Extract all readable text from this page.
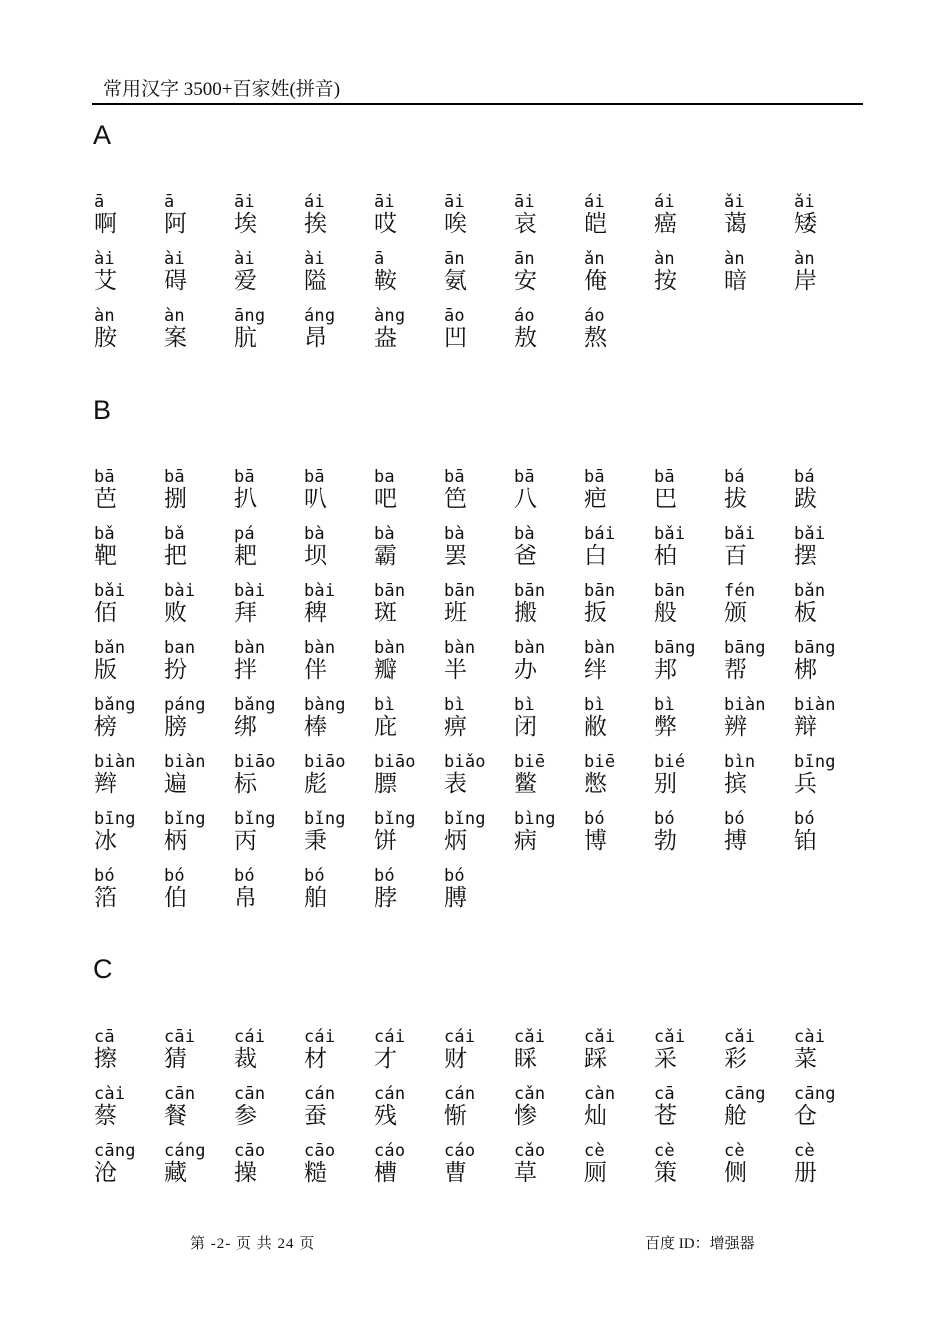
常用汉字 3500+百家姓(拼音)
A
ā
啊
ā
阿
āi
埃
ái
挨
āi
哎
āi
唉
āi
哀
ái
皑
ái
癌
ǎi
蔼
ǎi
矮
ài
艾
ài
碍
ài
爱
ài
隘
ā
鞍
ān
氨
ān
安
ǎn
俺
àn
按
àn
暗
àn
岸
àn
胺
àn
案
āng
肮
áng
昂
àng
盎
āo
凹
áo
敖
áo
熬
B
bā
芭
bā
捌
bā
扒
bā
叭
ba
吧
bā
笆
bā
八
bā
疤
bā
巴
bá
拔
bá
跋
bǎ
靶
bǎ
把
pá
耙
bà
坝
bà
霸
bà
罢
bà
爸
bái
白
bǎi
柏
bǎi
百
bǎi
摆
bǎi
佰
bài
败
bài
拜
bài
稗
bān
斑
bān
班
bān
搬
bān
扳
bān
般
fén
颁
bǎn
板
bǎn
版
ban
扮
bàn
拌
bàn
伴
bàn
瓣
bàn
半
bàn
办
bàn
绊
bāng
邦
bāng
帮
bāng
梆
bǎng
榜
páng
膀
bǎng
绑
bàng
棒
bì
庇
bì
痹
bì
闭
bì
敝
bì
弊
biàn
辨
biàn
辩
biàn
辫
biàn
遍
biāo
标
biāo
彪
biāo
膘
biǎo
表
biē
鳖
biē
憋
bié
别
bìn
摈
bīng
兵
bīng
冰
bǐng
柄
bǐng
丙
bǐng
秉
bǐng
饼
bǐng
炳
bìng
病
bó
博
bó
勃
bó
搏
bó
铂
bó
箔
bó
伯
bó
帛
bó
舶
bó
脖
bó
膊
C
cā
擦
cāi
猜
cái
裁
cái
材
cái
才
cái
财
cǎi
睬
cǎi
踩
cǎi
采
cǎi
彩
cài
菜
cài
蔡
cān
餐
cān
参
cán
蚕
cán
残
cán
惭
cǎn
惨
càn
灿
cā
苍
cāng
舱
cāng
仓
cāng
沧
cáng
藏
cāo
操
cāo
糙
cáo
槽
cáo
曹
cǎo
草
cè
厕
cè
策
cè
侧
cè
册
第 -2- 页 共 24 页	百度 ID：增强器
